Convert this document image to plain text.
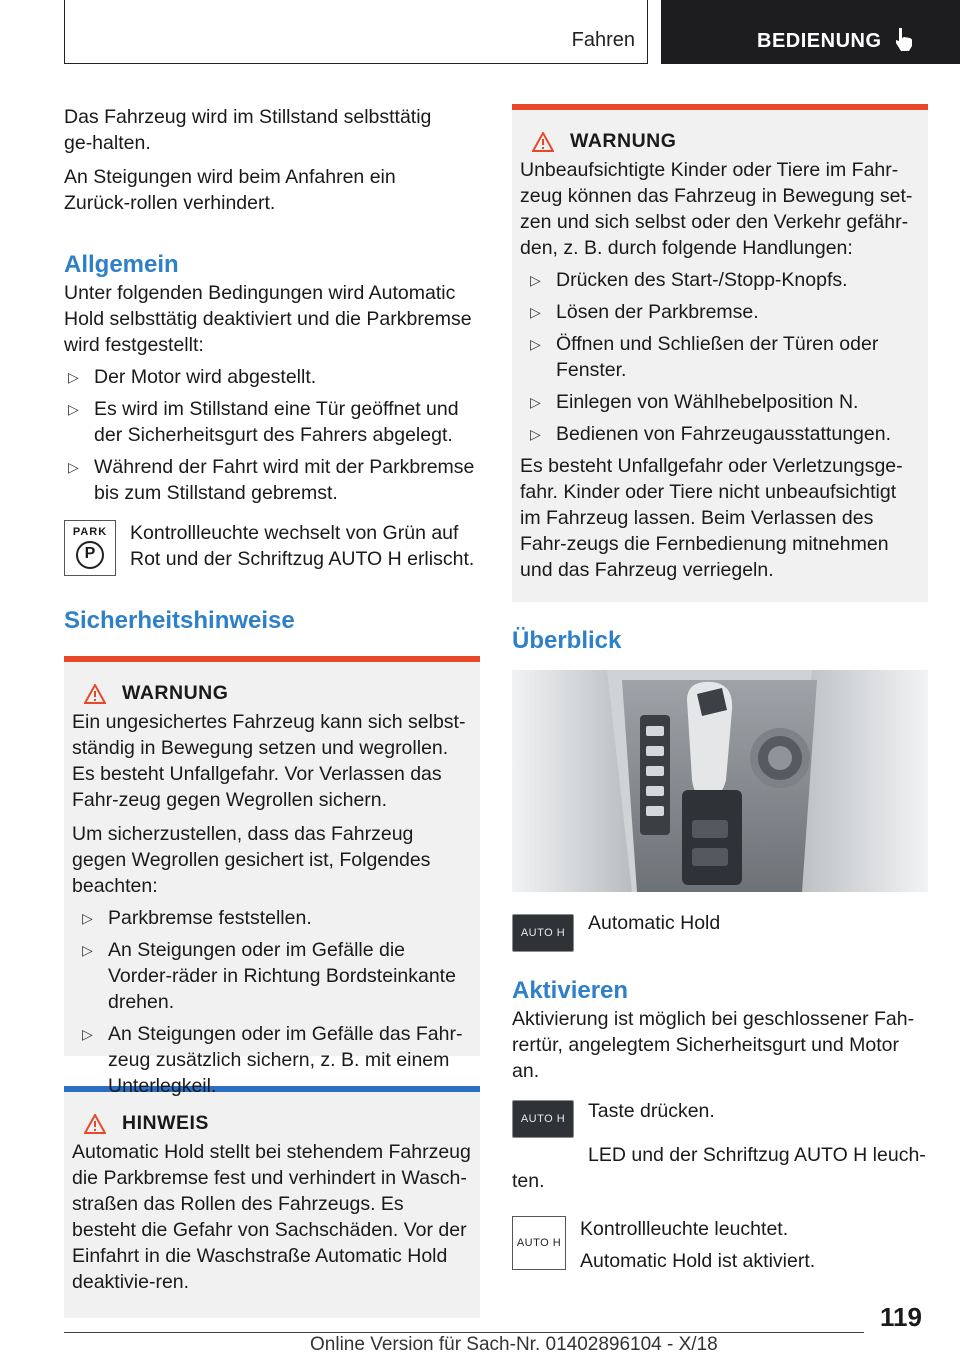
Fahren	BEDIENUNG

Das Fahrzeug wird im Stillstand selbsttätig ge-halten.

An Steigungen wird beim Anfahren ein Zurück-rollen verhindert.

Allgemein

Unter folgenden Bedingungen wird Automatic Hold selbsttätig deaktiviert und die Parkbremse wird festgestellt:

▷ Der Motor wird abgestellt.
▷ Es wird im Stillstand eine Tür geöffnet und der Sicherheitsgurt des Fahrers abgelegt.
▷ Während der Fahrt wird mit der Parkbremse bis zum Stillstand gebremst.
PARK
P

Kontrollleuchte wechselt von Grün auf Rot und der Schriftzug AUTO H erlischt.

Sicherheitshinweise
WARNUNG

Ein ungesichertes Fahrzeug kann sich selbst-ständig in Bewegung setzen und wegrollen. Es besteht Unfallgefahr. Vor Verlassen das Fahr-zeug gegen Wegrollen sichern.

Um sicherzustellen, dass das Fahrzeug gegen Wegrollen gesichert ist, Folgendes beachten:

▷ Parkbremse feststellen.
▷ An Steigungen oder im Gefälle die Vorder-räder in Richtung Bordsteinkante drehen.
▷ An Steigungen oder im Gefälle das Fahr-zeug zusätzlich sichern, z. B. mit einem Unterlegkeil.
HINWEIS

Automatic Hold stellt bei stehendem Fahrzeug die Parkbremse fest und verhindert in Wasch-straßen das Rollen des Fahrzeugs. Es besteht die Gefahr von Sachschäden. Vor der Einfahrt in die Waschstraße Automatic Hold deaktivie-ren.

WARNUNG

Unbeaufsichtigte Kinder oder Tiere im Fahr-zeug können das Fahrzeug in Bewegung set-zen und sich selbst oder den Verkehr gefähr-den, z. B. durch folgende Handlungen:

▷ Drücken des Start-/Stopp-Knopfs.
▷ Lösen der Parkbremse.
▷ Öffnen und Schließen der Türen oder Fenster.
▷ Einlegen von Wählhebelposition N.
▷ Bedienen von Fahrzeugausstattungen.

Es besteht Unfallgefahr oder Verletzungsge-fahr. Kinder oder Tiere nicht unbeaufsichtigt im Fahrzeug lassen. Beim Verlassen des Fahr-zeugs die Fernbedienung mitnehmen und das Fahrzeug verriegeln.

Überblick
AUTO H Automatic Hold

Aktivieren

Aktivierung ist möglich bei geschlossener Fah-rertür, angelegtem Sicherheitsgurt und Motor an.

AUTO H Taste drücken.

LED und der Schriftzug AUTO H leuch-ten.

AUTO H

Kontrollleuchte leuchtet.

Automatic Hold ist aktiviert.

119
Online Version für Sach-Nr. 01402896104 - X/18
